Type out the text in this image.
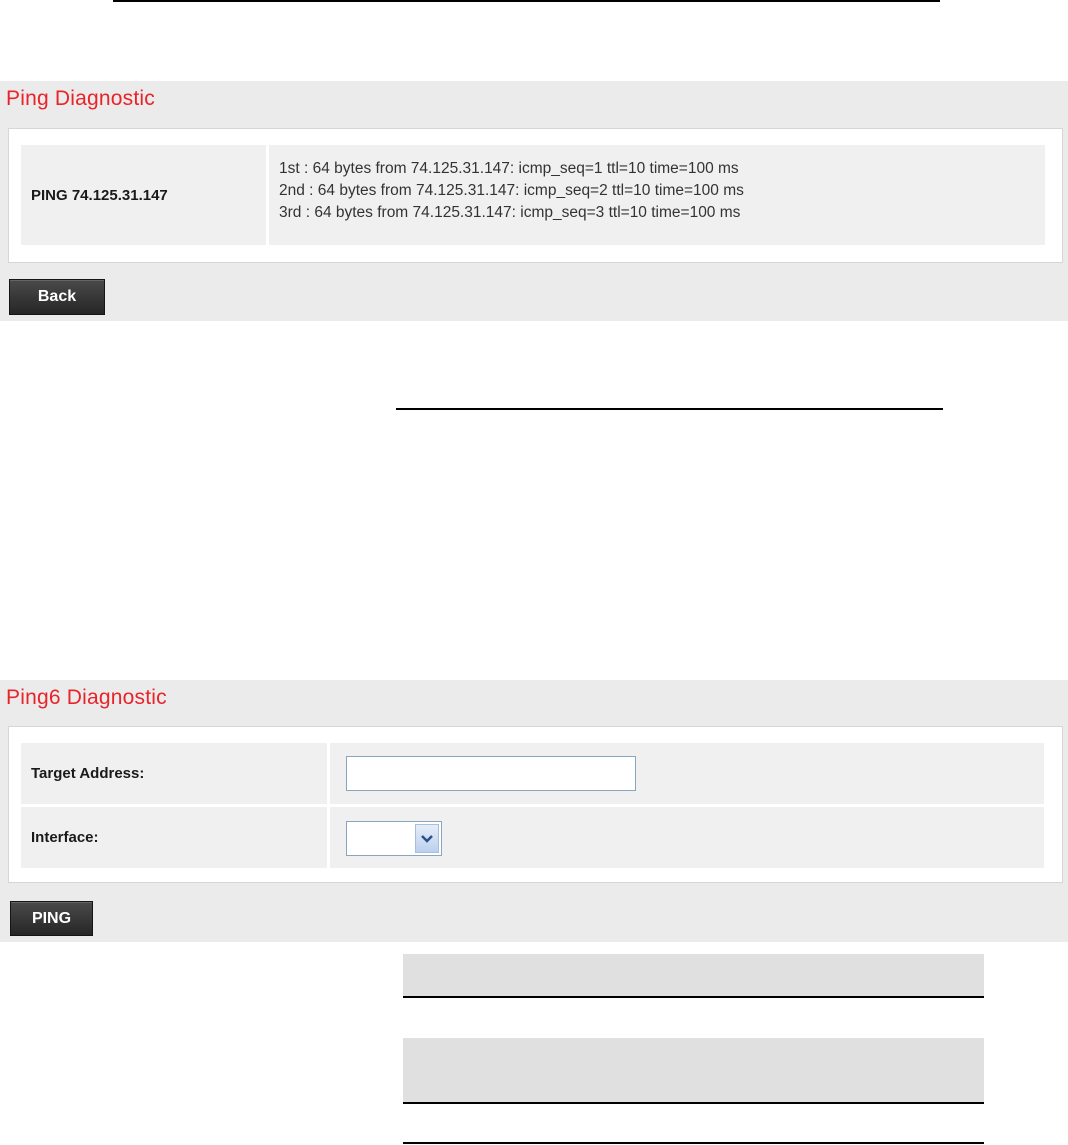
Ping Diagnostic
PING 74.125.31.147
1st : 64 bytes from 74.125.31.147: icmp_seq=1 ttl=10 time=100 ms
2nd : 64 bytes from 74.125.31.147: icmp_seq=2 ttl=10 time=100 ms
3rd : 64 bytes from 74.125.31.147: icmp_seq=3 ttl=10 time=100 ms
Back
Ping6 Diagnostic
Target Address:
Interface:
PING
